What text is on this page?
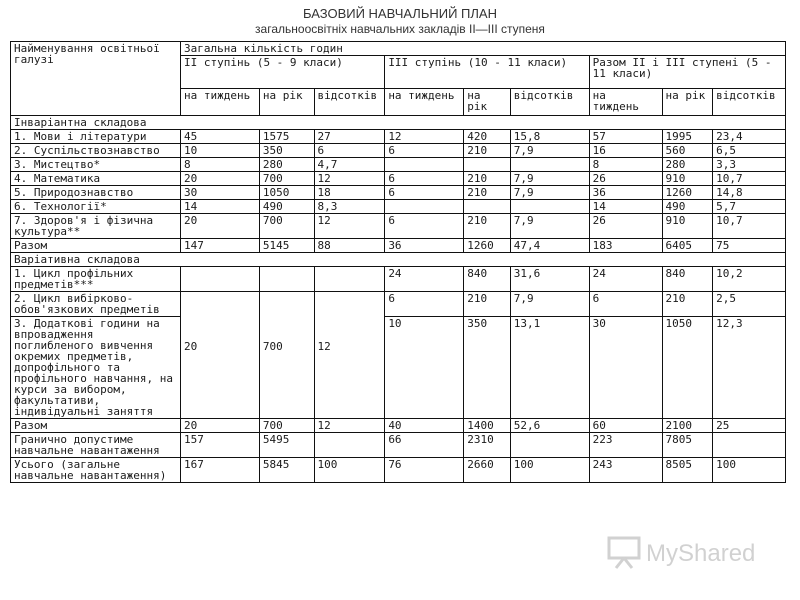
БАЗОВИЙ НАВЧАЛЬНИЙ ПЛАН
загальноосвітніх навчальних закладів II—III ступеня
Найменування освітньої галузі	Загальна кількість годин								
	II ступінь (5 - 9 класи)			III ступінь (10 - 11 класи)			Разом II і III ступені (5 - 11 класи)		
	на тиждень	на рік	відсотків	на тиждень	на рік	відсотків	на тиждень	на рік	відсотків
Інваріантна складова									
1. Мови і літератури	45	1575	27	12	420	15,8	57	1995	23,4
2. Суспільствознавство	10	350	6	6	210	7,9	16	560	6,5
3. Мистецтво*	8	280	4,7				8	280	3,3
4. Математика	20	700	12	6	210	7,9	26	910	10,7
5. Природознавство	30	1050	18	6	210	7,9	36	1260	14,8
6. Технології*	14	490	8,3				14	490	5,7
7. Здоров'я і фізична культура**	20	700	12	6	210	7,9	26	910	10,7
Разом	147	5145	88	36	1260	47,4	183	6405	75
Варіативна складова									
1. Цикл профільних предметів***				24	840	31,6	24	840	10,2
2. Цикл вибірково-обов'язкових предметів	20	700	12	6	210	7,9	6	210	2,5
3. Додаткові години на впровадження поглибленого вивчення окремих предметів, допрофільного та профільного навчання, на курси за вибором, факультативи, індивідуальні заняття				10	350	13,1	30	1050	12,3
Разом	20	700	12	40	1400	52,6	60	2100	25
Гранично допустиме навчальне навантаження	157	5495		66	2310		223	7805	
Усього (загальне навчальне навантаження)	167	5845	100	76	2660	100	243	8505	100
MyShared
